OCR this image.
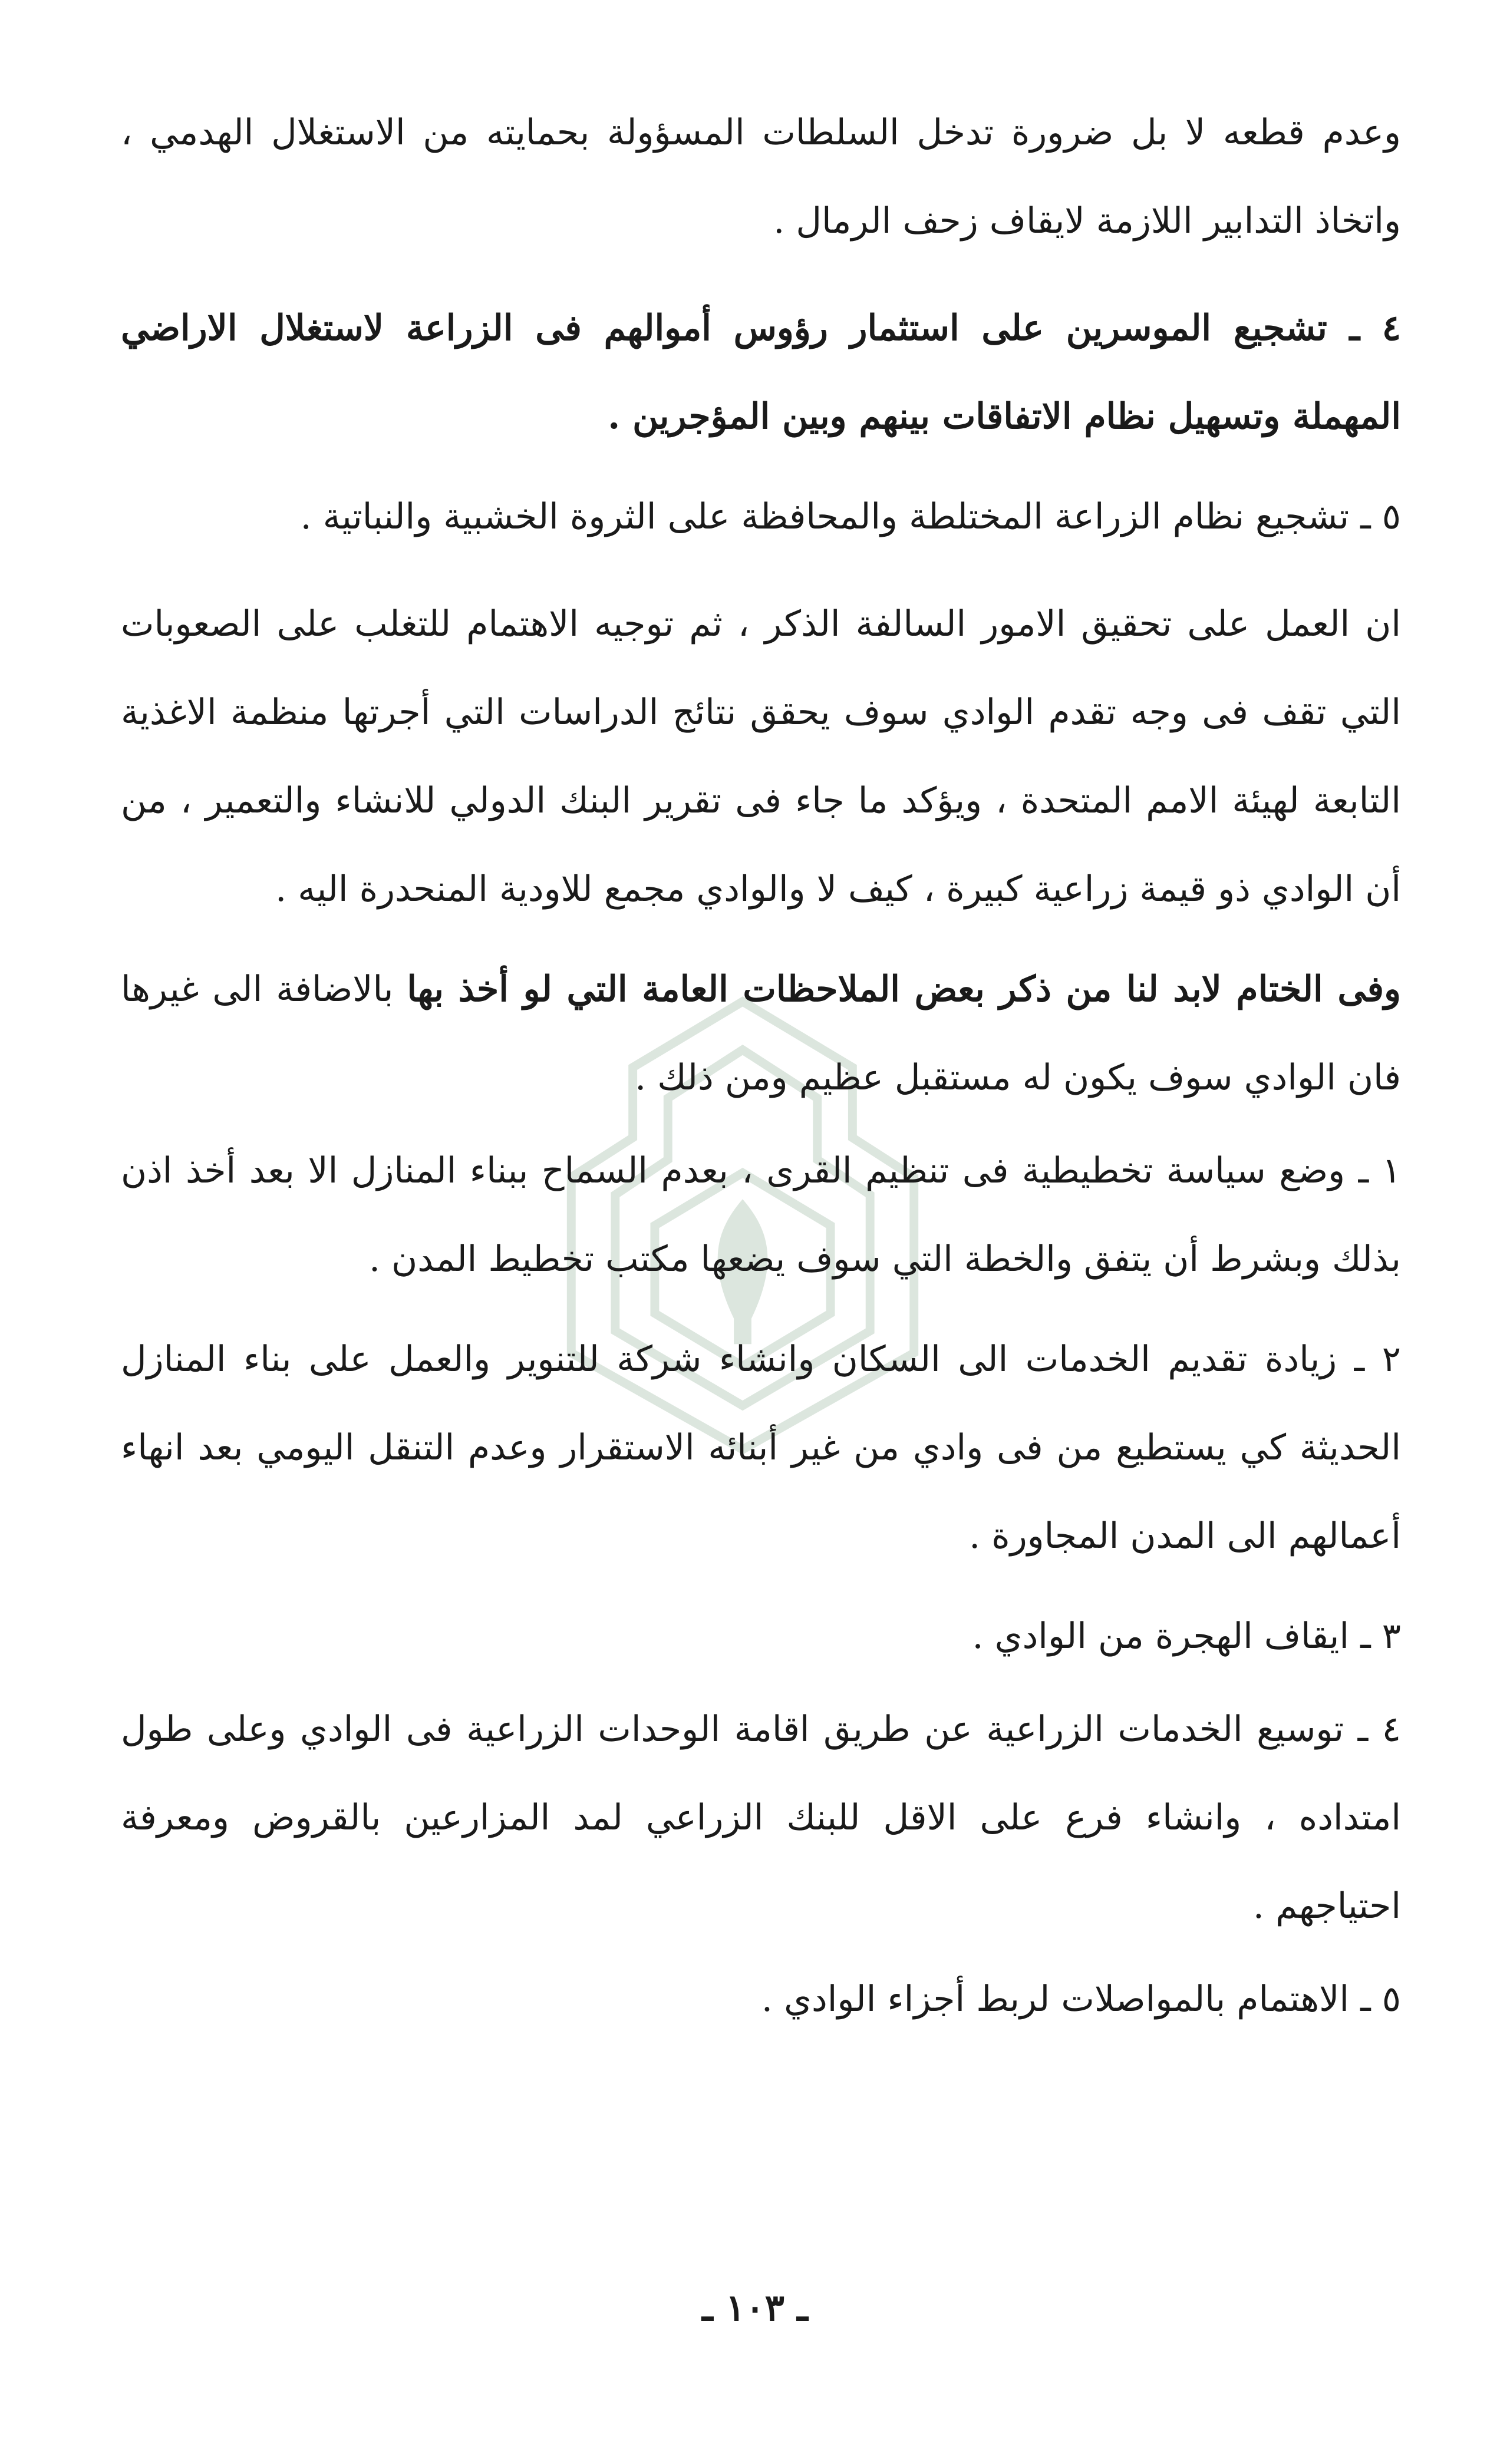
وعدم قطعه لا بل ضرورة تدخل السلطات المسؤولة بحمايته من الاستغلال الهدمي ، واتخاذ التدابير اللازمة لايقاف زحف الرمال .

٤ ـ تشجيع الموسرين على استثمار رؤوس أموالهم فى الزراعة لاستغلال الاراضي المهملة وتسهيل نظام الاتفاقات بينهم وبين المؤجرين .

٥ ـ تشجيع نظام الزراعة المختلطة والمحافظة على الثروة الخشبية والنباتية .

ان العمل على تحقيق الامور السالفة الذكر ، ثم توجيه الاهتمام للتغلب على الصعوبات التي تقف فى وجه تقدم الوادي سوف يحقق نتائج الدراسات التي أجرتها منظمة الاغذية التابعة لهيئة الامم المتحدة ، ويؤكد ما جاء فى تقرير البنك الدولي للانشاء والتعمير ، من أن الوادي ذو قيمة زراعية كبيرة ، كيف لا والوادي مجمع للاودية المنحدرة اليه .

وفى الختام لابد لنا من ذكر بعض الملاحظات العامة التي لو أخذ بها بالاضافة الى غيرها فان الوادي سوف يكون له مستقبل عظيم ومن ذلك .

١ ـ وضع سياسة تخطيطية فى تنظيم القرى ، بعدم السماح ببناء المنازل الا بعد أخذ اذن بذلك وبشرط أن يتفق والخطة التي سوف يضعها مكتب تخطيط المدن .

٢ ـ زيادة تقديم الخدمات الى السكان وانشاء شركة للتنوير والعمل على بناء المنازل الحديثة كي يستطيع من فى وادي من غير أبنائه الاستقرار وعدم التنقل اليومي بعد انهاء أعمالهم الى المدن المجاورة .

٣ ـ ايقاف الهجرة من الوادي .

٤ ـ توسيع الخدمات الزراعية عن طريق اقامة الوحدات الزراعية فى الوادي وعلى طول امتداده ، وانشاء فرع على الاقل للبنك الزراعي لمد المزارعين بالقروض ومعرفة احتياجهم .

٥ ـ الاهتمام بالمواصلات لربط أجزاء الوادي .

ـ ١٠٣ ـ
